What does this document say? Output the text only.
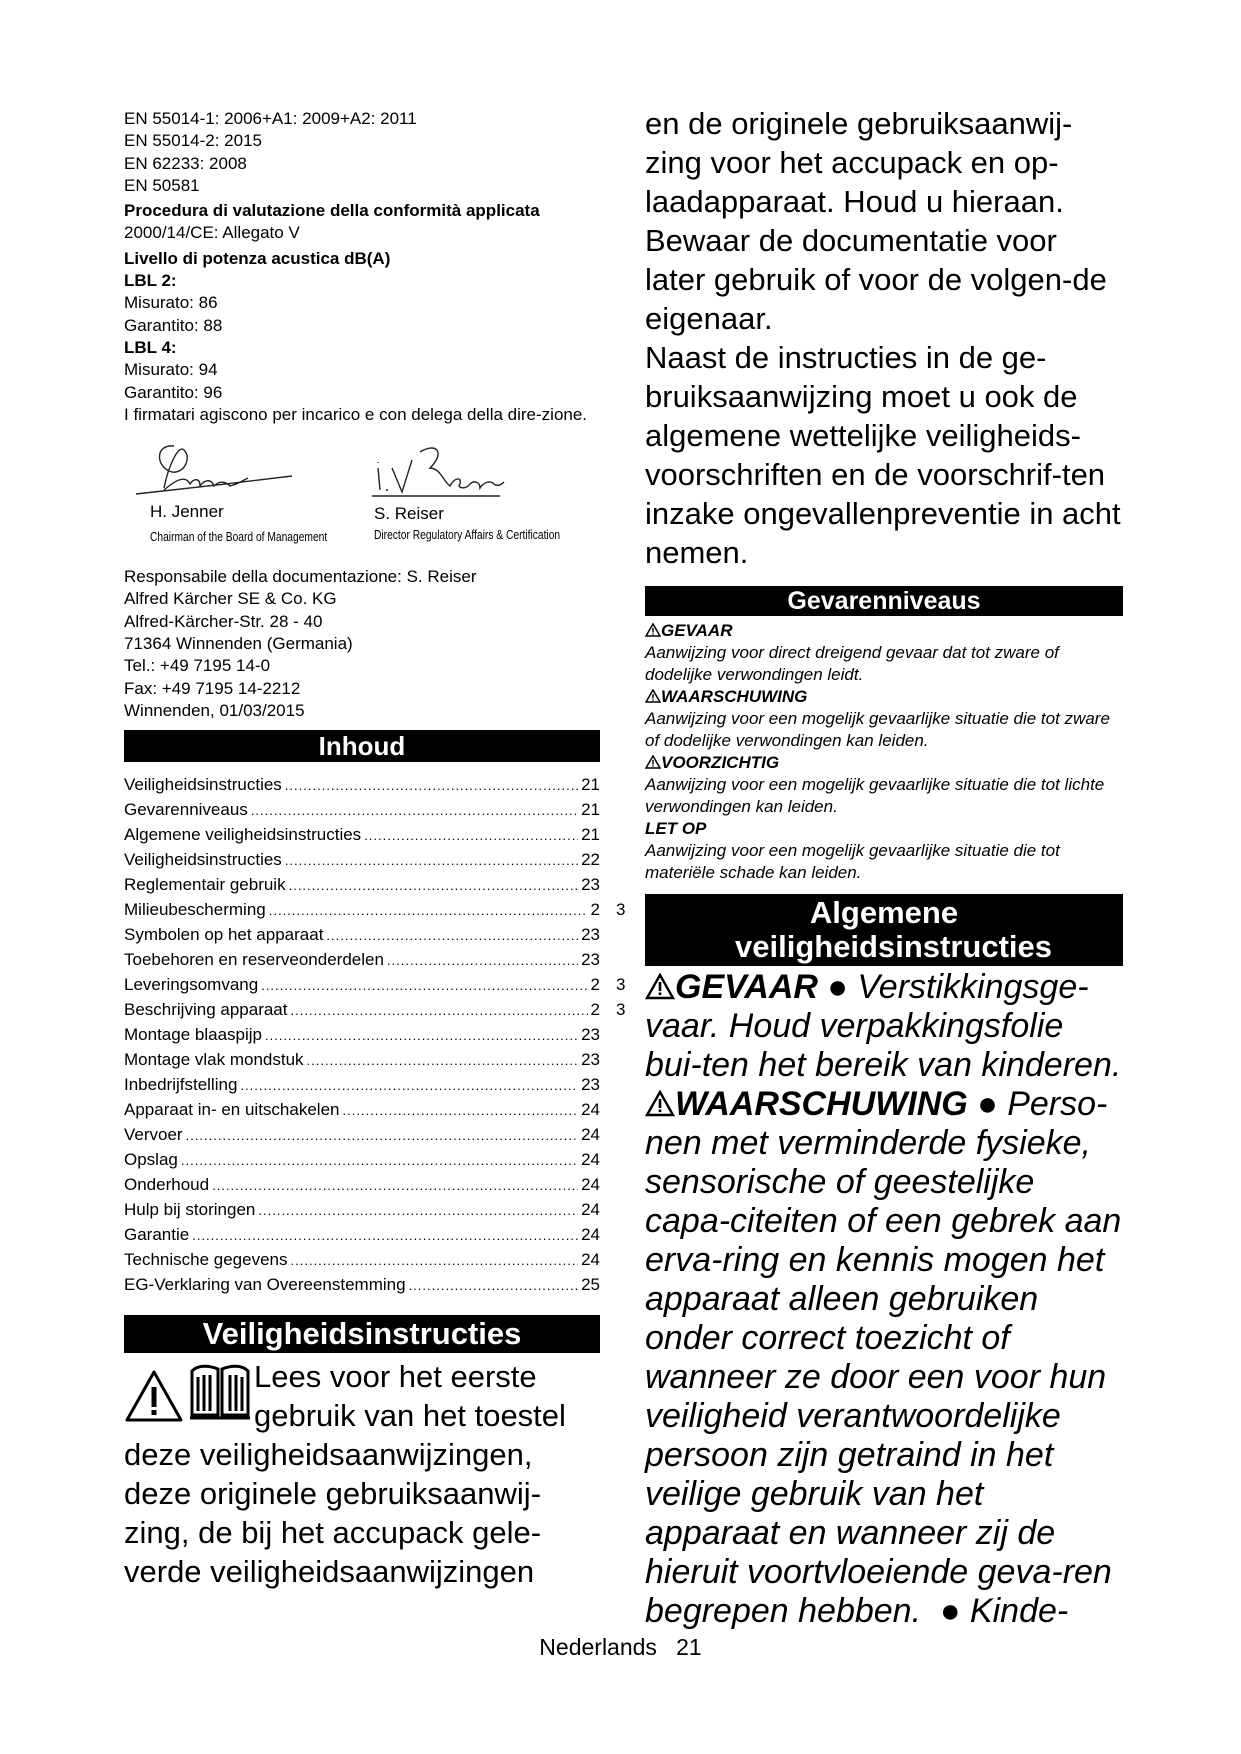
EN 55014-1: 2006+A1: 2009+A2: 2011
EN 55014-2: 2015
EN 62233: 2008
EN 50581
Procedura di valutazione della conformità applicata
2000/14/CE: Allegato V
Livello di potenza acustica dB(A)
LBL 2:
Misurato: 86
Garantito: 88
LBL 4:
Misurato: 94
Garantito: 96
I firmatari agiscono per incarico e con delega della dire-zione.
H. Jenner
Chairman of the Board of Management
S. Reiser
Director Regulatory Affairs & Certification
Responsabile della documentazione: S. Reiser
Alfred Kärcher SE & Co. KG
Alfred-Kärcher-Str. 28 - 40
71364 Winnenden (Germania)
Tel.: +49 7195 14-0
Fax: +49 7195 14-2212
Winnenden, 01/03/2015
Inhoud
Veiligheidsinstructies .....	21
Gevarenniveaus .....	21
Algemene veiligheidsinstructies .....	21
Veiligheidsinstructies .....	22
Reglementair gebruik .....	23
Milieubescherming .....	2 3
Symbolen op het apparaat .....	23
Toebehoren en reserveonderdelen .....	23
Leveringsomvang .....	2 3
Beschrijving apparaat .....	2 3
Montage blaaspijp .....	23
Montage vlak mondstuk .....	23
Inbedrijfstelling .....	23
Apparaat in- en uitschakelen .....	24
Vervoer .....	24
Opslag .....	24
Onderhoud .....	24
Hulp bij storingen .....	24
Garantie .....	24
Technische gegevens .....	24
EG-Verklaring van Overeenstemming .....	25
Veiligheidsinstructies
Lees voor het eerste
gebruik van het toestel
deze veiligheidsaanwijzingen, deze originele gebruiksaanwij-zing, de bij het accupack gele-verde veiligheidsaanwijzingen
en de originele gebruiksaanwij-zing voor het accupack en op-laadapparaat. Houd u hieraan. Bewaar de documentatie voor later gebruik of voor de volgen-de eigenaar.
Naast de instructies in de ge-bruiksaanwijzing moet u ook de algemene wettelijke veiligheids-voorschriften en de voorschrif-ten inzake ongevallenpreventie in acht nemen.
Gevarenniveaus
GEVAAR
Aanwijzing voor direct dreigend gevaar dat tot zware of dodelijke verwondingen leidt.
WAARSCHUWING
Aanwijzing voor een mogelijk gevaarlijke situatie die tot zware of dodelijke verwondingen kan leiden.
VOORZICHTIG
Aanwijzing voor een mogelijk gevaarlijke situatie die tot lichte verwondingen kan leiden.
LET OP
Aanwijzing voor een mogelijk gevaarlijke situatie die tot materiële schade kan leiden.
Algemene veiligheidsinstructies
GEVAAR ● Verstikkingsge-vaar. Houd verpakkingsfolie bui-ten het bereik van kinderen.
WAARSCHUWING ● Perso-nen met verminderde fysieke, sensorische of geestelijke capa-citeiten of een gebrek aan erva-ring en kennis mogen het apparaat alleen gebruiken onder correct toezicht of wanneer ze door een voor hun veiligheid verantwoordelijke persoon zijn getraind in het veilige gebruik van het apparaat en wanneer zij de hieruit voortvloeiende geva-ren begrepen hebben.  ● Kinde-
Nederlands 21
